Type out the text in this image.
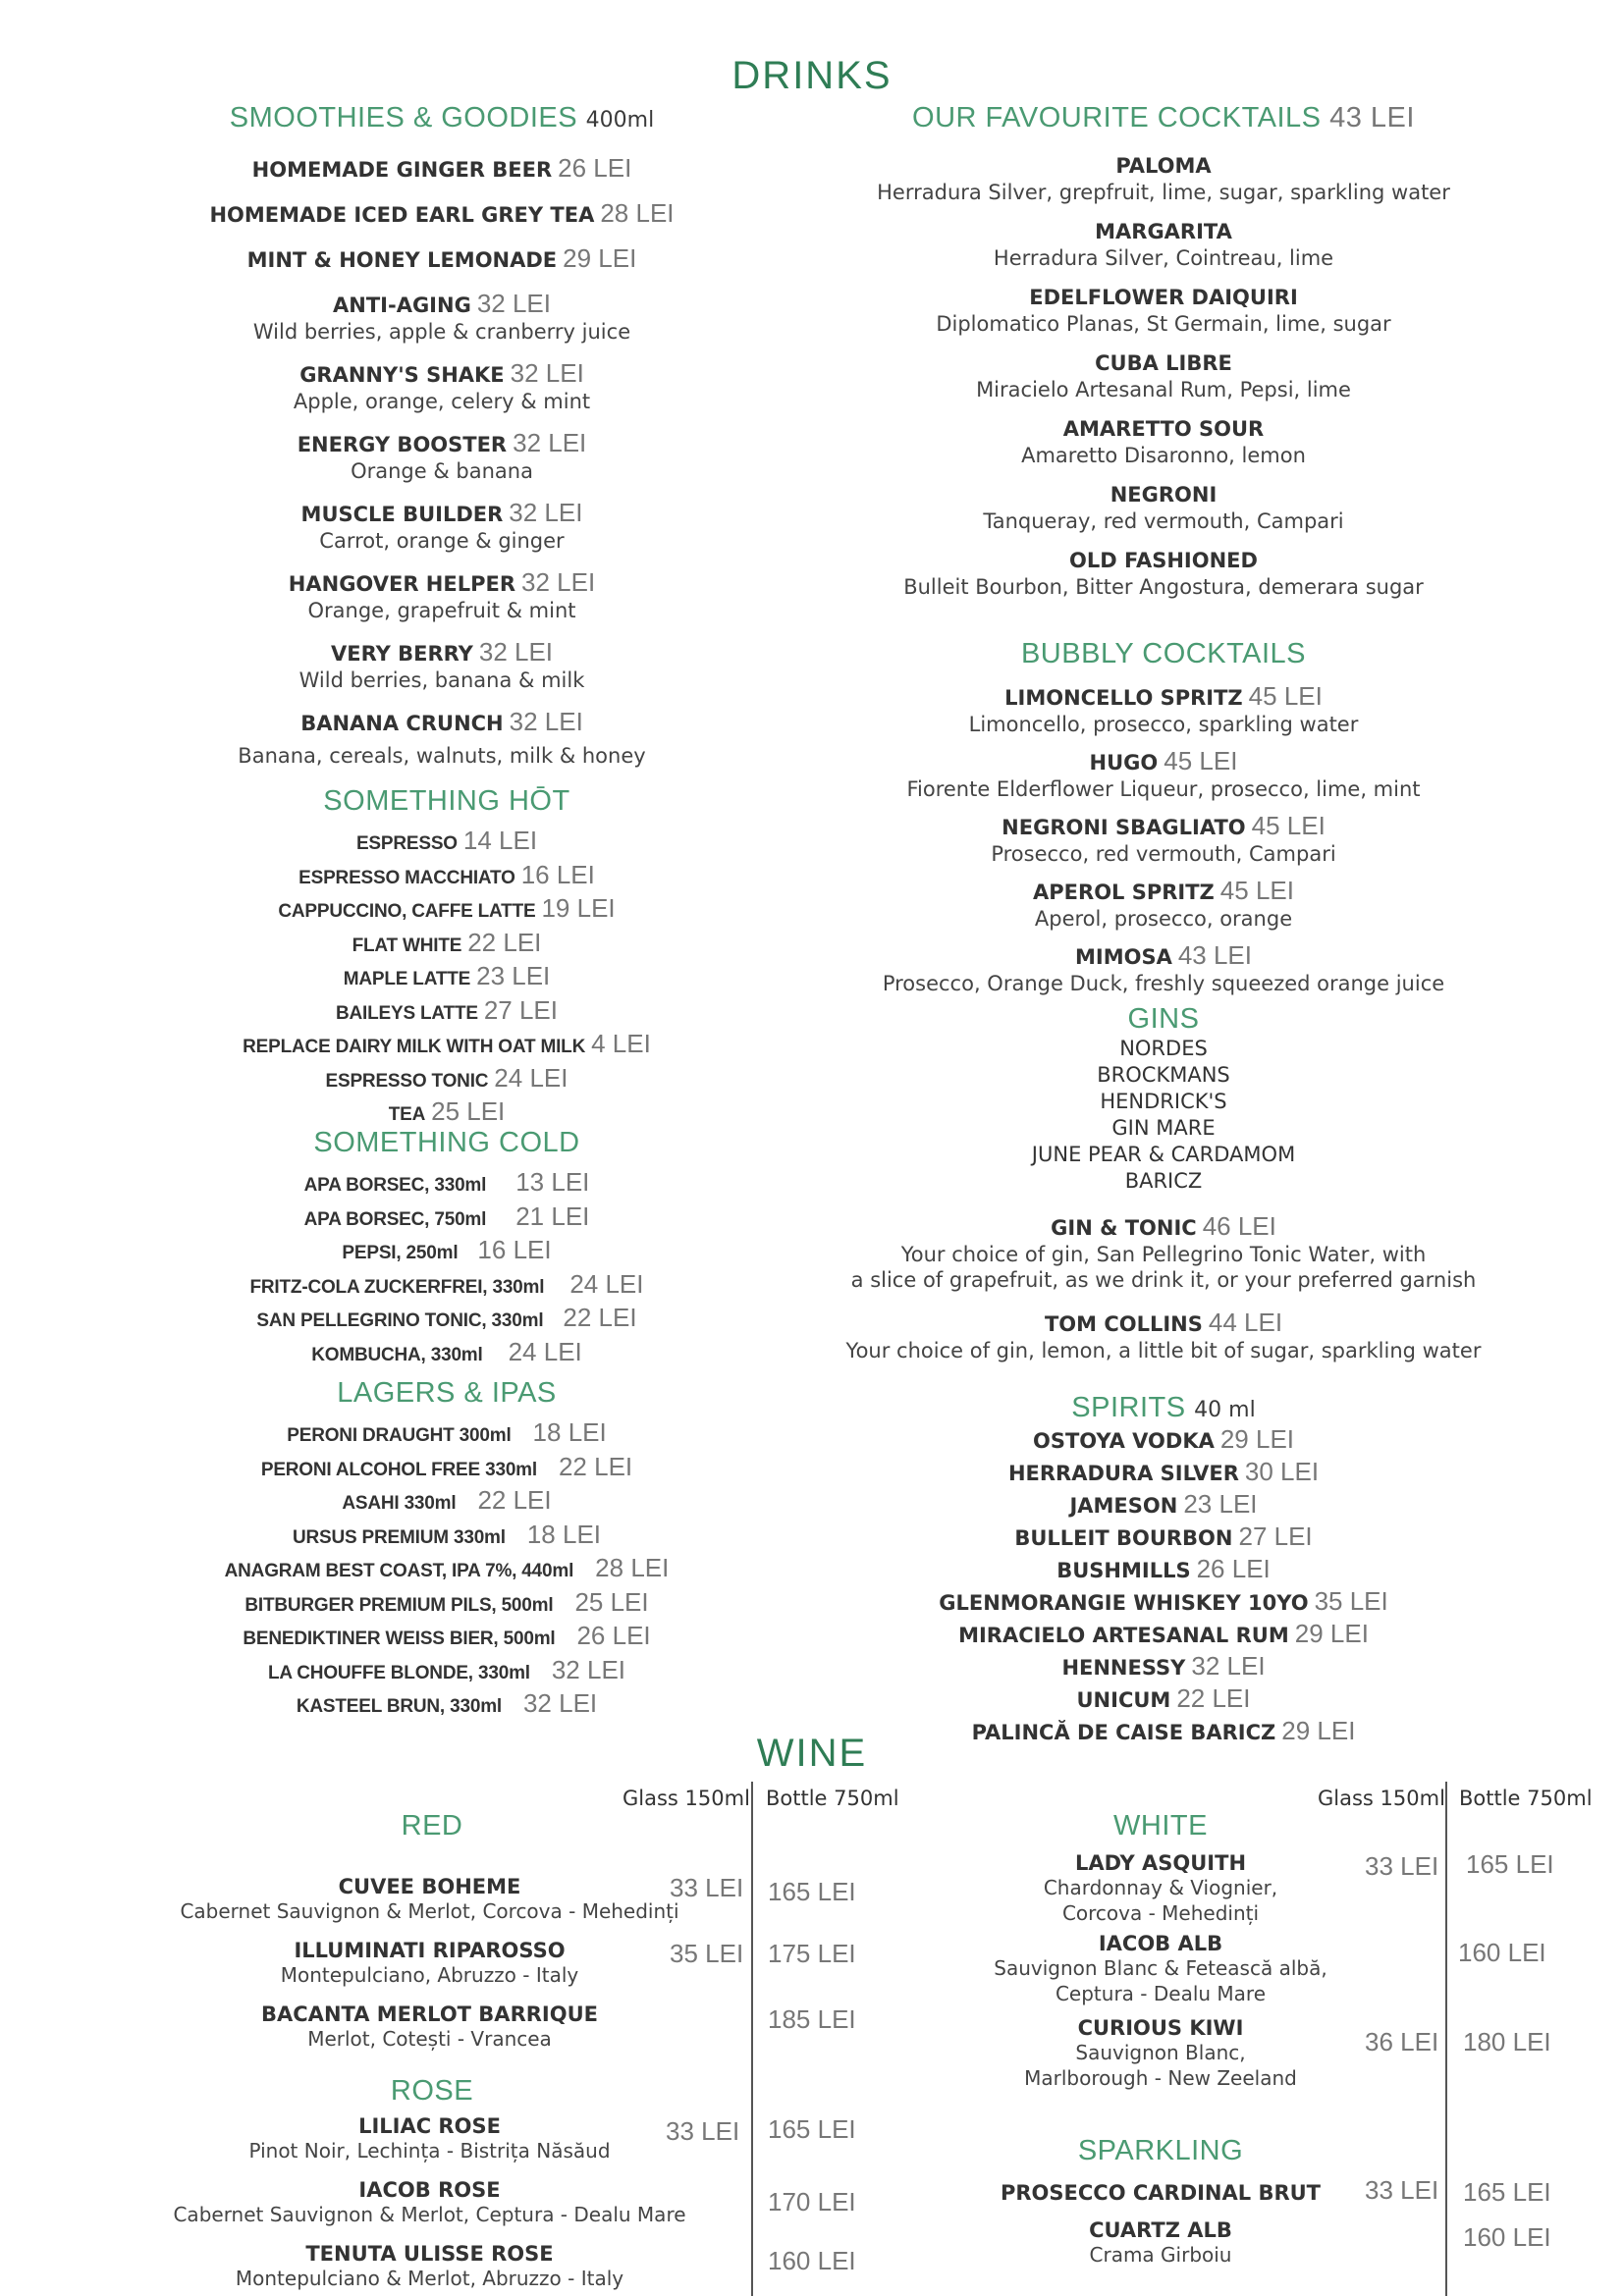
DRINKS
SMOOTHIES & GOODIES 400ml
HOMEMADE GINGER BEER 26 LEI
HOMEMADE ICED EARL GREY TEA 28 LEI
MINT & HONEY LEMONADE 29 LEI
ANTI-AGING 32 LEI
Wild berries, apple & cranberry juice
GRANNY'S SHAKE 32 LEI
Apple, orange, celery & mint
ENERGY BOOSTER 32 LEI
Orange & banana
MUSCLE BUILDER 32 LEI
Carrot, orange & ginger
HANGOVER HELPER 32 LEI
Orange, grapefruit & mint
VERY BERRY 32 LEI
Wild berries, banana & milk
BANANA CRUNCH 32 LEI
Banana, cereals, walnuts, milk & honey
SOMETHING HŌT
ESPRESSO 14 LEI
ESPRESSO MACCHIATO 16 LEI
CAPPUCCINO, CAFFE LATTE 19 LEI
FLAT WHITE 22 LEI
MAPLE LATTE 23 LEI
BAILEYS LATTE 27 LEI
REPLACE DAIRY MILK WITH OAT MILK 4 LEI
ESPRESSO TONIC 24 LEI
TEA 25 LEI
SOMETHING COLD
APA BORSEC, 330ml 13 LEI
APA BORSEC, 750ml 21 LEI
PEPSI, 250ml 16 LEI
FRITZ-COLA ZUCKERFREI, 330ml 24 LEI
SAN PELLEGRINO TONIC, 330ml 22 LEI
KOMBUCHA, 330ml 24 LEI
LAGERS & IPAS
PERONI DRAUGHT 300ml 18 LEI
PERONI ALCOHOL FREE 330ml 22 LEI
ASAHI 330ml 22 LEI
URSUS PREMIUM 330ml 18 LEI
ANAGRAM BEST COAST, IPA 7%, 440ml 28 LEI
BITBURGER PREMIUM PILS, 500ml 25 LEI
BENEDIKTINER WEISS BIER, 500ml 26 LEI
LA CHOUFFE BLONDE, 330ml 32 LEI
KASTEEL BRUN, 330ml 32 LEI
OUR FAVOURITE COCKTAILS 43 LEI
PALOMA
Herradura Silver, grepfruit, lime, sugar, sparkling water
MARGARITA
Herradura Silver, Cointreau, lime
EDELFLOWER DAIQUIRI
Diplomatico Planas, St Germain, lime, sugar
CUBA LIBRE
Miracielo Artesanal Rum, Pepsi, lime
AMARETTO SOUR
Amaretto Disaronno, lemon
NEGRONI
Tanqueray, red vermouth, Campari
OLD FASHIONED
Bulleit Bourbon, Bitter Angostura, demerara sugar
BUBBLY COCKTAILS
LIMONCELLO SPRITZ 45 LEI
Limoncello, prosecco, sparkling water
HUGO 45 LEI
Fiorente Elderflower Liqueur, prosecco, lime, mint
NEGRONI SBAGLIATO 45 LEI
Prosecco, red vermouth, Campari
APEROL SPRITZ 45 LEI
Aperol, prosecco, orange
MIMOSA 43 LEI
Prosecco, Orange Duck, freshly squeezed orange juice
GINS
NORDES
BROCKMANS
HENDRICK'S
GIN MARE
JUNE PEAR & CARDAMOM
BARICZ
GIN & TONIC 46 LEI
Your choice of gin, San Pellegrino Tonic Water, with
a slice of grapefruit, as we drink it, or your preferred garnish
TOM COLLINS 44 LEI
Your choice of gin, lemon, a little bit of sugar, sparkling water
SPIRITS 40 ml
OSTOYA VODKA 29 LEI
HERRADURA SILVER 30 LEI
JAMESON 23 LEI
BULLEIT BOURBON 27 LEI
BUSHMILLS 26 LEI
GLENMORANGIE WHISKEY 10YO 35 LEI
MIRACIELO ARTESANAL RUM 29 LEI
HENNESSY 32 LEI
UNICUM 22 LEI
PALINCĂ DE CAISE BARICZ 29 LEI
WINE
Glass 150ml Bottle 750ml	Glass 150ml Bottle 750ml
RED
CUVEE BOHEME
Cabernet Sauvignon & Merlot, Corcova - Mehedinți
ILLUMINATI RIPAROSSO
Montepulciano, Abruzzo - Italy
BACANTA MERLOT BARRIQUE
Merlot, Cotești - Vrancea
33 LEI 165 LEI
35 LEI 175 LEI
185 LEI
ROSE
LILIAC ROSE
Pinot Noir, Lechința - Bistrița Năsăud
IACOB ROSE
Cabernet Sauvignon & Merlot, Ceptura - Dealu Mare
TENUTA ULISSE ROSE
Montepulciano & Merlot, Abruzzo - Italy
33 LEI 165 LEI
170 LEI
160 LEI
WHITE
LADY ASQUITH
Chardonnay & Viognier,
Corcova - Mehedinți
IACOB ALB
Sauvignon Blanc & Fetească albă,
Ceptura - Dealu Mare
CURIOUS KIWI
Sauvignon Blanc,
Marlborough - New Zeeland
33 LEI 165 LEI
160 LEI
36 LEI 180 LEI
SPARKLING
PROSECCO CARDINAL BRUT
CUARTZ ALB
Crama Girboiu
33 LEI 165 LEI
160 LEI
